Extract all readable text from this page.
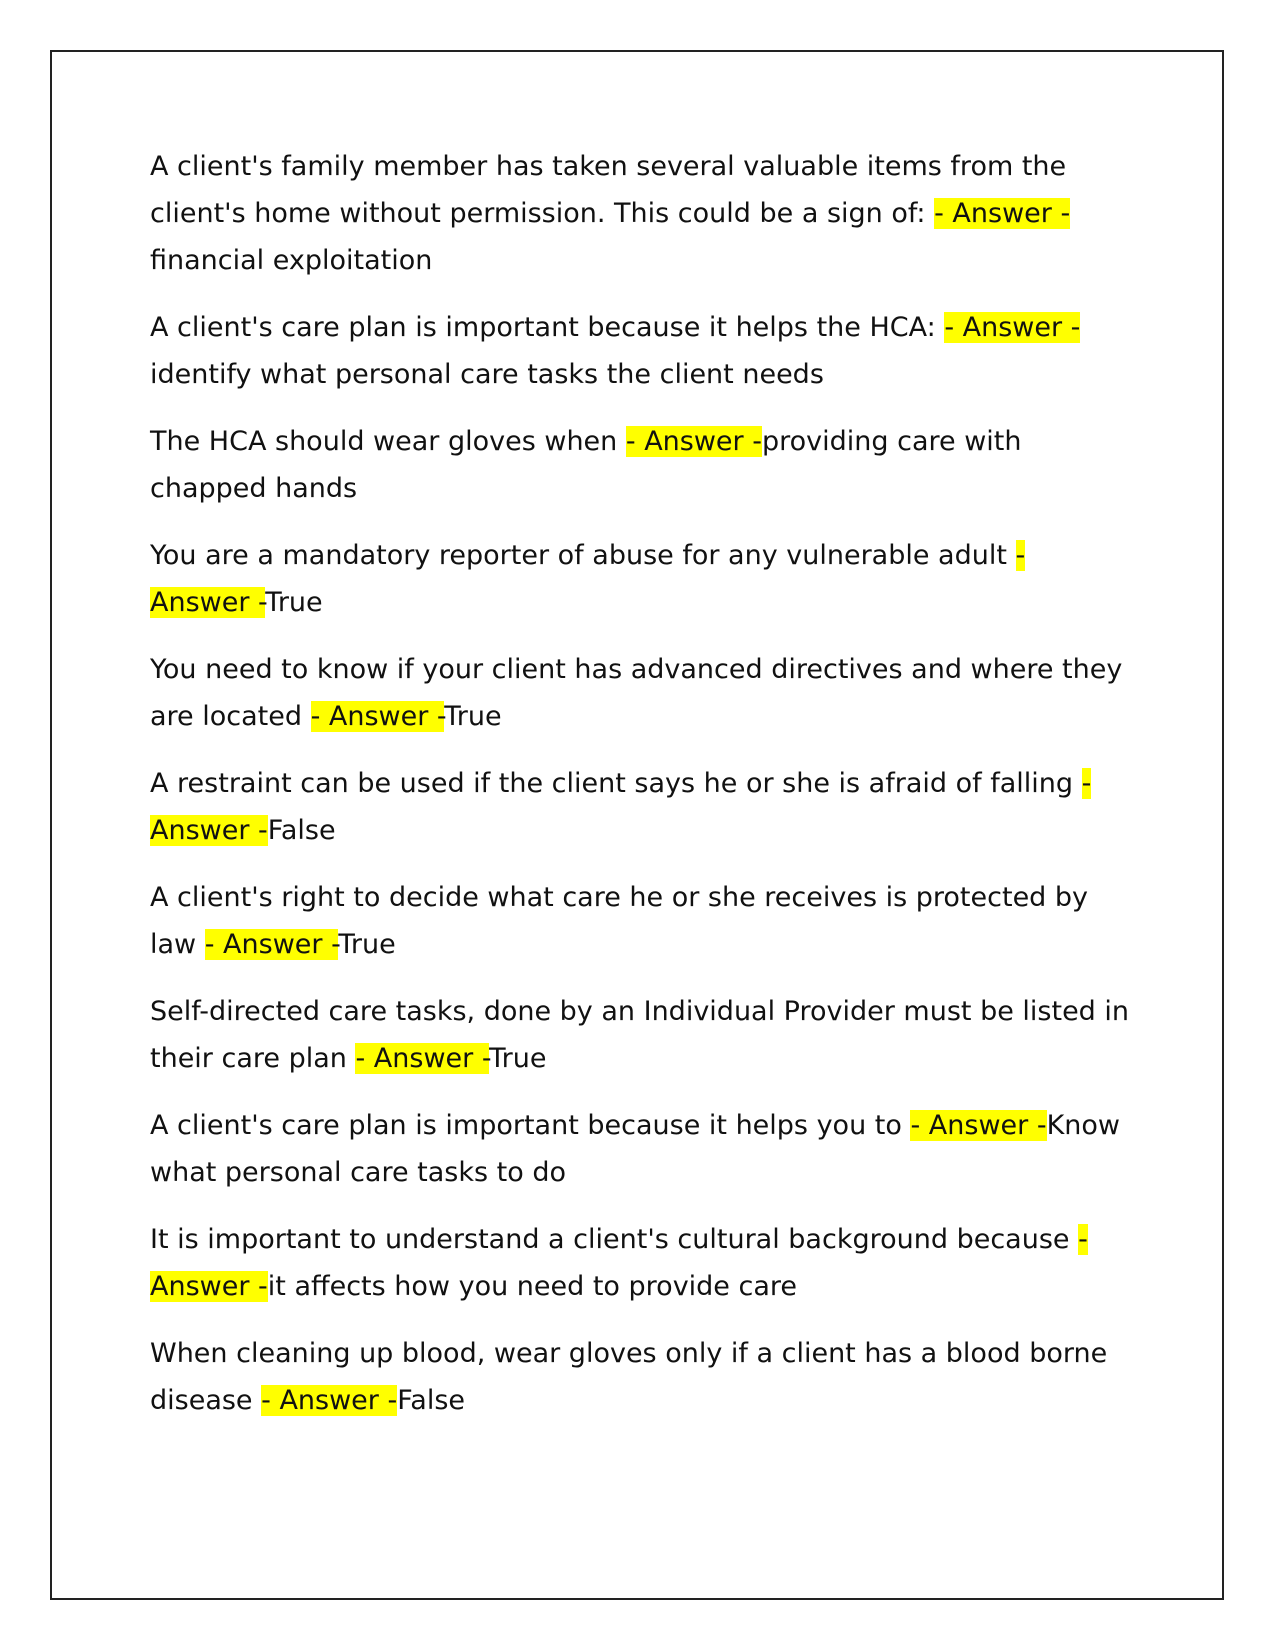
A client's family member has taken several valuable items from the client's home without permission. This could be a sign of: - Answer - financial exploitation

A client's care plan is important because it helps the HCA: - Answer - identify what personal care tasks the client needs

The HCA should wear gloves when - Answer -providing care with chapped hands

You are a mandatory reporter of abuse for any vulnerable adult - Answer -True

You need to know if your client has advanced directives and where they are located - Answer -True

A restraint can be used if the client says he or she is afraid of falling - Answer -False

A client's right to decide what care he or she receives is protected by law - Answer -True

Self-directed care tasks, done by an Individual Provider must be listed in their care plan - Answer -True

A client's care plan is important because it helps you to - Answer -Know what personal care tasks to do

It is important to understand a client's cultural background because - Answer -it affects how you need to provide care

When cleaning up blood, wear gloves only if a client has a blood borne disease - Answer -False
